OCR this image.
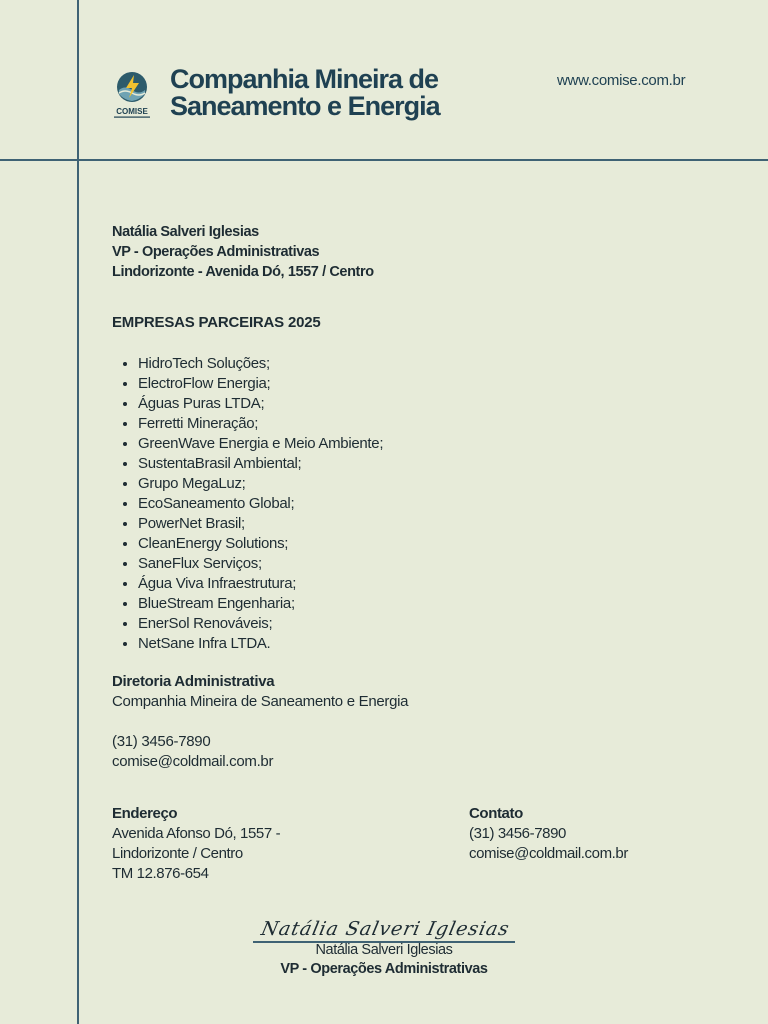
COMISE
Companhia Mineira de
Saneamento e Energia
www.comise.com.br
Natália Salveri Iglesias
VP - Operações Administrativas
Lindorizonte - Avenida Dó, 1557 / Centro
EMPRESAS PARCEIRAS 2025
• HidroTech Soluções;
• ElectroFlow Energia;
• Águas Puras LTDA;
• Ferretti Mineração;
• GreenWave Energia e Meio Ambiente;
• SustentaBrasil Ambiental;
• Grupo MegaLuz;
• EcoSaneamento Global;
• PowerNet Brasil;
• CleanEnergy Solutions;
• SaneFlux Serviços;
• Água Viva Infraestrutura;
• BlueStream Engenharia;
• EnerSol Renováveis;
• NetSane Infra LTDA.
Diretoria Administrativa
Companhia Mineira de Saneamento e Energia
(31) 3456-7890
comise@coldmail.com.br
Endereço
Avenida Afonso Dó, 1557 -
Lindorizonte / Centro
TM 12.876-654
Contato
(31) 3456-7890
comise@coldmail.com.br
Natália Salveri Iglesias
Natália Salveri Iglesias
VP - Operações Administrativas
